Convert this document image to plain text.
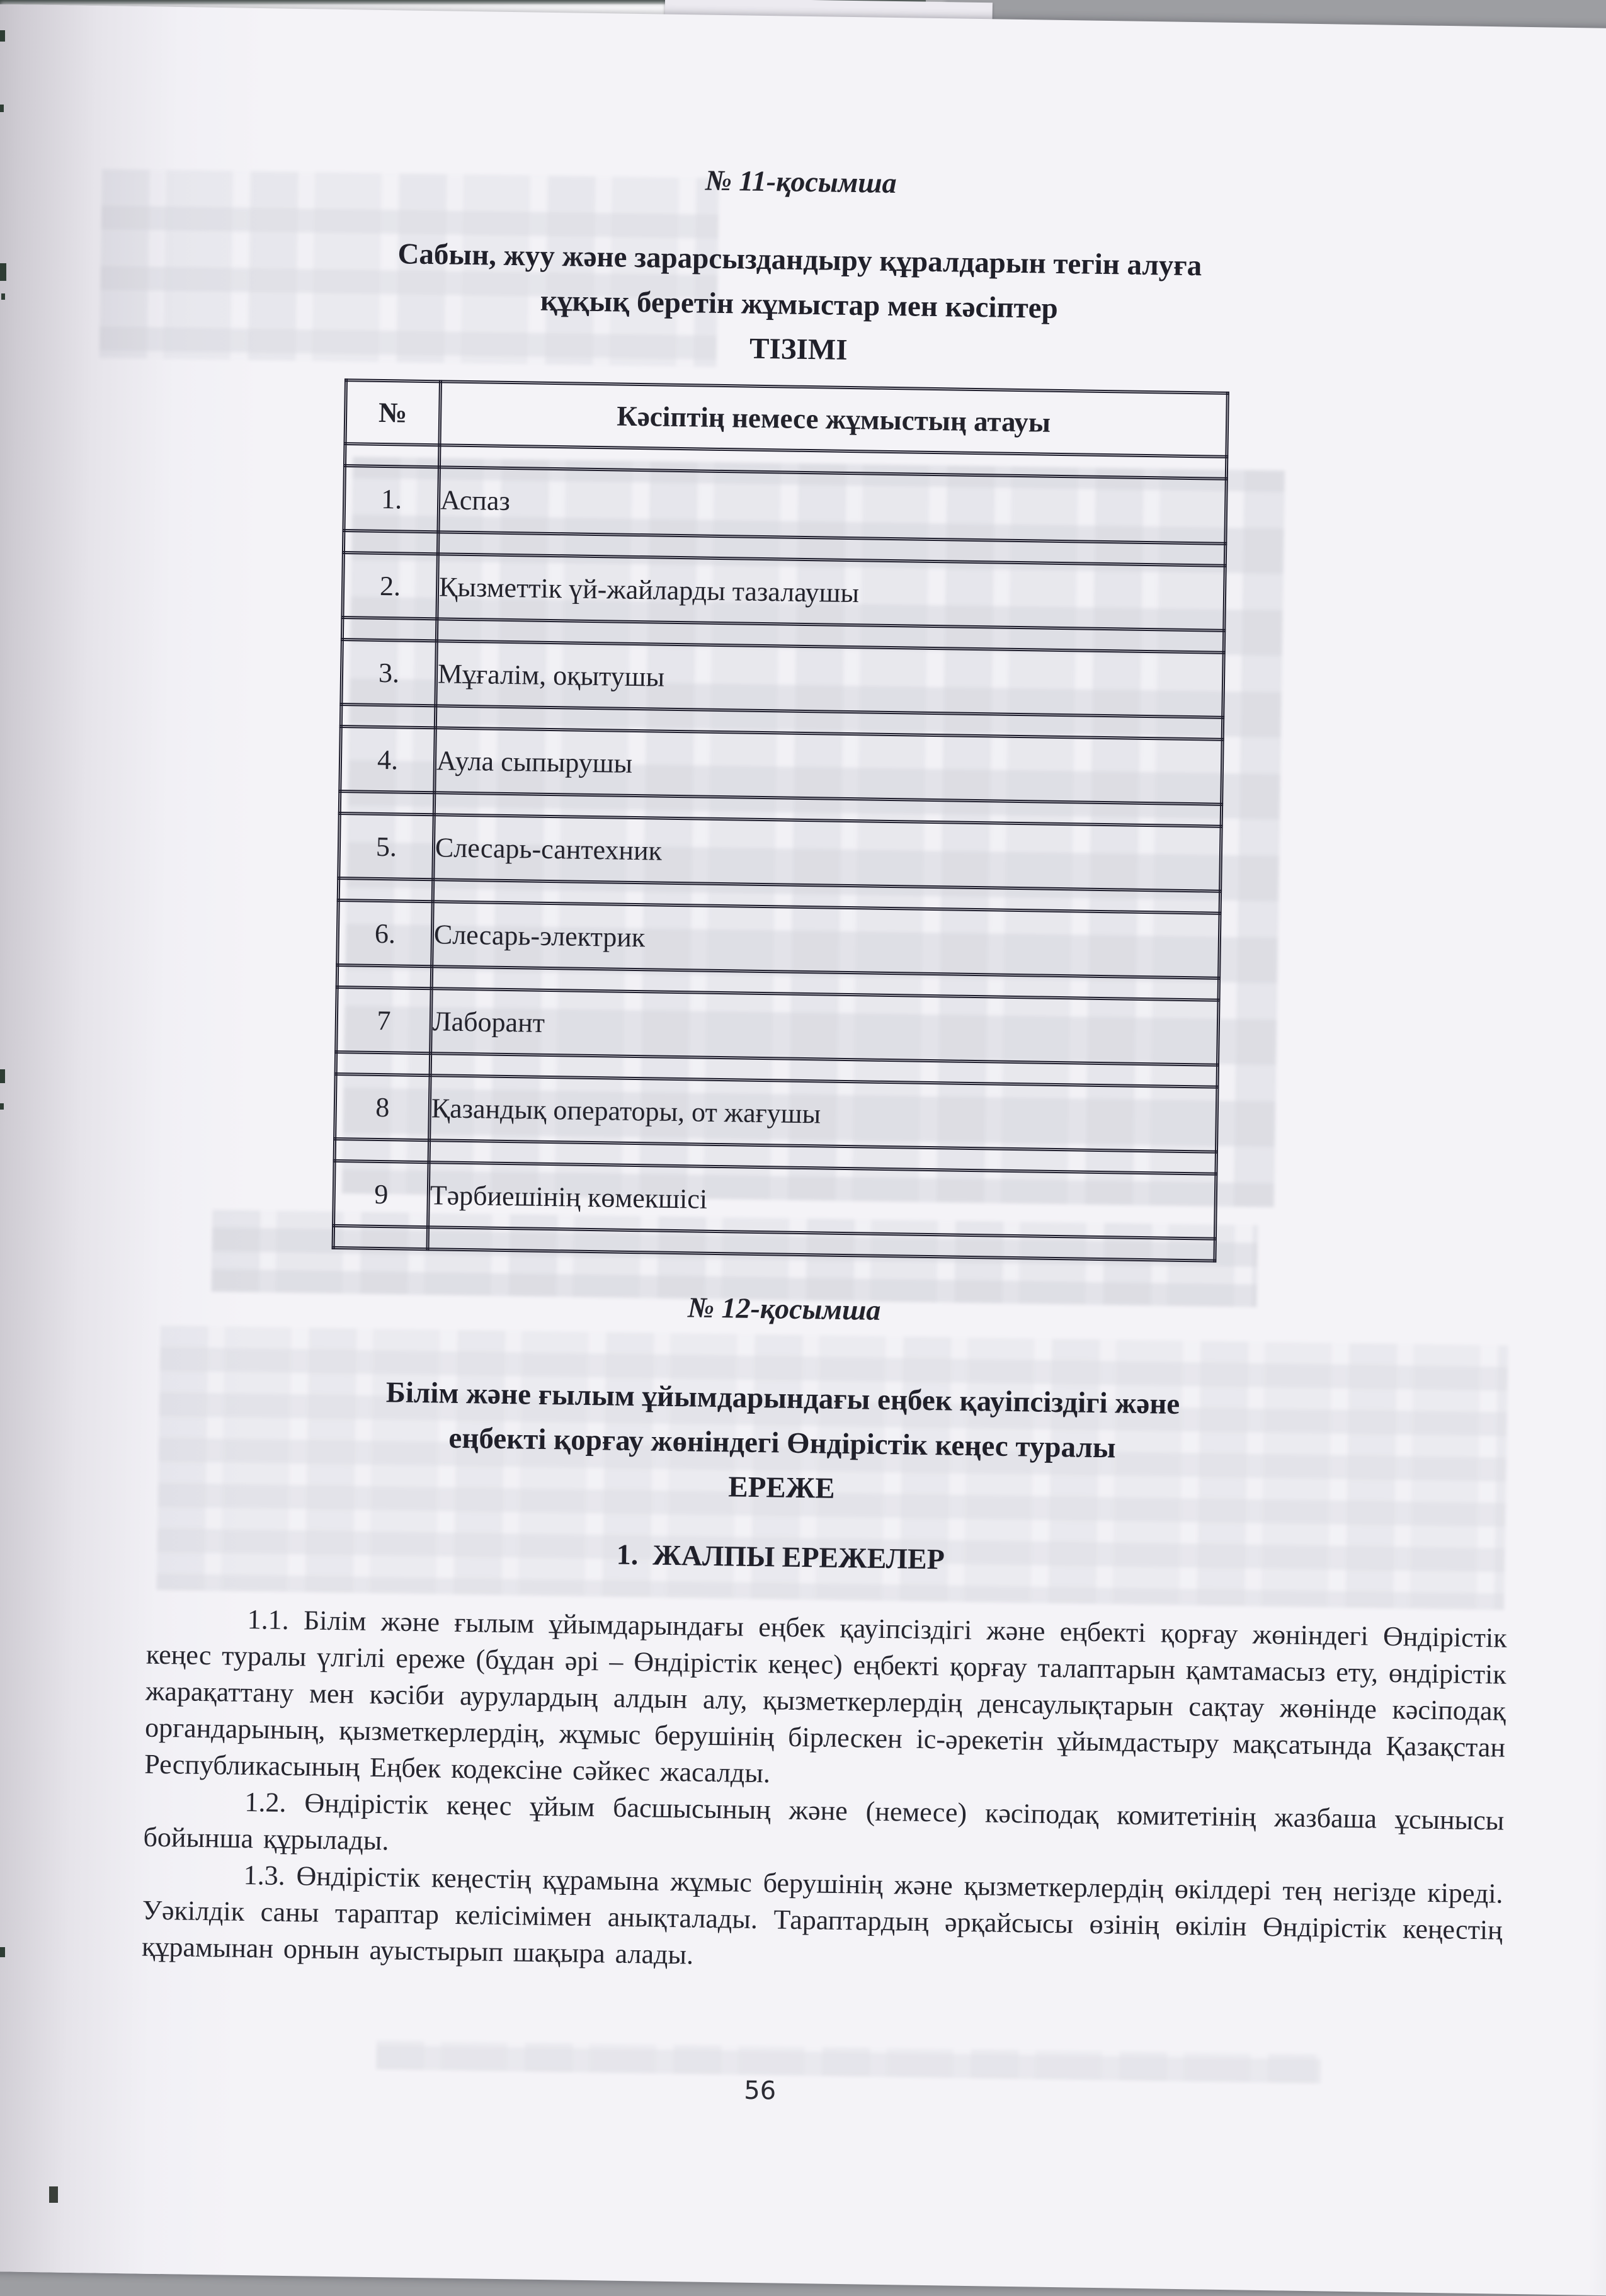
№ 11-қосымша
Сабын, жуу және зарарсыздандыру құралдарын тегін алуға
құқық беретін жұмыстар мен кәсіптер
ТІЗІМІ
№	Кәсіптің немесе жұмыстың атауы

1.	Аспаз

2.	Қызметтік үй-жайларды тазалаушы

3.	Мұғалім, оқытушы

4.	Аула сыпырушы

5.	Слесарь-сантехник

6.	Слесарь-электрик

7	Лаборант

8	Қазандық операторы, от жағушы

9	Тәрбиешінің көмекшісі

№ 12-қосымша
Білім және ғылым ұйымдарындағы еңбек қауіпсіздігі және
еңбекті қорғау жөніндегі Өндірістік кеңес туралы
ЕРЕЖЕ
1.  ЖАЛПЫ ЕРЕЖЕЛЕР

1.1. Білім және ғылым ұйымдарындағы еңбек қауіпсіздігі және еңбекті қорғау жөніндегі Өндірістік кеңес туралы үлгілі ереже (бұдан әрі – Өндірістік кеңес) еңбекті қорғау талаптарын қамтамасыз ету, өндірістік жарақаттану мен кәсіби аурулардың алдын алу, қызметкерлердің денсаулықтарын сақтау жөнінде кәсіподақ органдарының, қызметкерлердің, жұмыс берушінің бірлескен іс-әрекетін ұйымдастыру мақсатында Қазақстан Республикасының Еңбек кодексіне сәйкес жасалды.

1.2. Өндірістік кеңес ұйым басшысының және (немесе) кәсіподақ комитетінің жазбаша ұсынысы бойынша құрылады.

1.3. Өндірістік кеңестің құрамына жұмыс берушінің және қызметкерлердің өкілдері тең негізде кіреді. Уәкілдік саны тараптар келісімімен анықталады. Тараптардың әрқайсысы өзінің өкілін Өндірістік кеңестің құрамынан орнын ауыстырып шақыра алады.

56
